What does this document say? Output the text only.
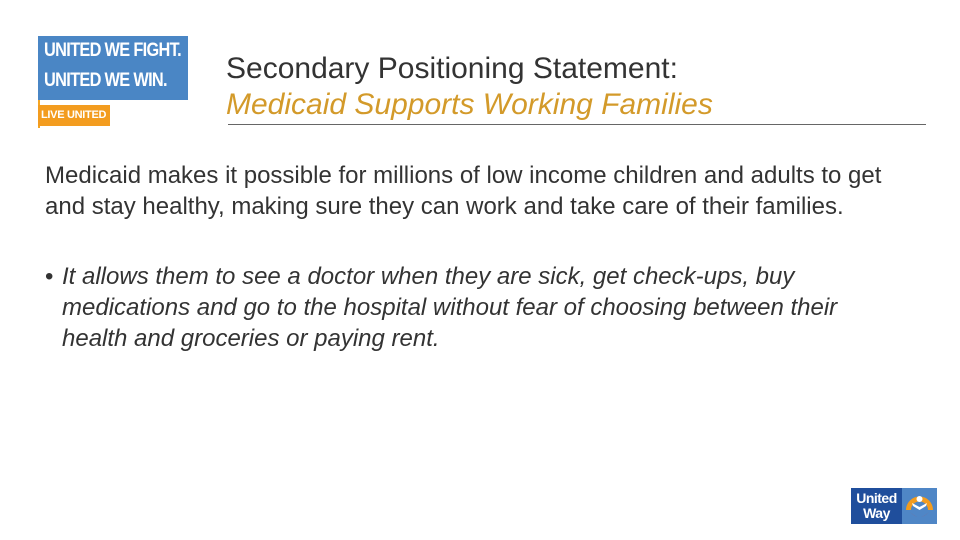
UNITED WE FIGHT.
UNITED WE WIN.
LIVE UNITED
Secondary Positioning Statement:
Medicaid Supports Working Families
Medicaid makes it possible for millions of low income children and adults to get and stay healthy, making sure they can work and take care of their families.
• It allows them to see a doctor when they are sick, get check-ups, buy medications and go to the hospital without fear of choosing between their health and groceries or paying rent.
United
Way
